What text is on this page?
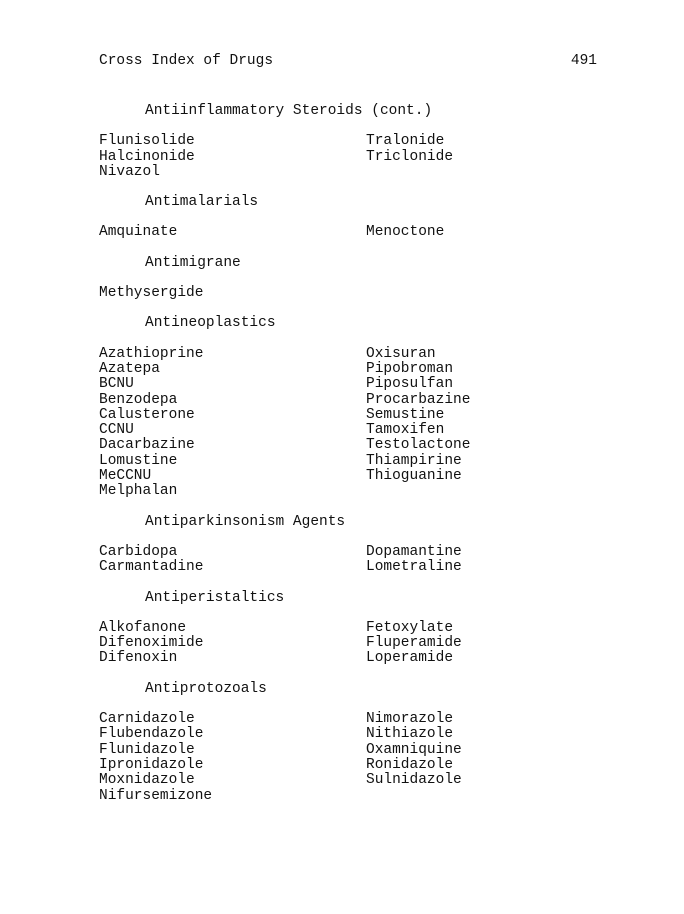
Cross Index of Drugs	491
Antiinflammatory Steroids (cont.)
Flunisolide
Halcinonide
Nivazol
Tralonide
Triclonide
Antimalarials
Amquinate	Menoctone
Antimigrane
Methysergide
Antineoplastics
Azathioprine
Azatepa
BCNU
Benzodepa
Calusterone
CCNU
Dacarbazine
Lomustine
MeCCNU
Melphalan
Oxisuran
Pipobroman
Piposulfan
Procarbazine
Semustine
Tamoxifen
Testolactone
Thiampirine
Thioguanine
Antiparkinsonism Agents
Carbidopa
Carmantadine
Dopamantine
Lometraline
Antiperistaltics
Alkofanone
Difenoximide
Difenoxin
Fetoxylate
Fluperamide
Loperamide
Antiprotozoals
Carnidazole
Flubendazole
Flunidazole
Ipronidazole
Moxnidazole
Nifursemizone
Nimorazole
Nithiazole
Oxamniquine
Ronidazole
Sulnidazole
